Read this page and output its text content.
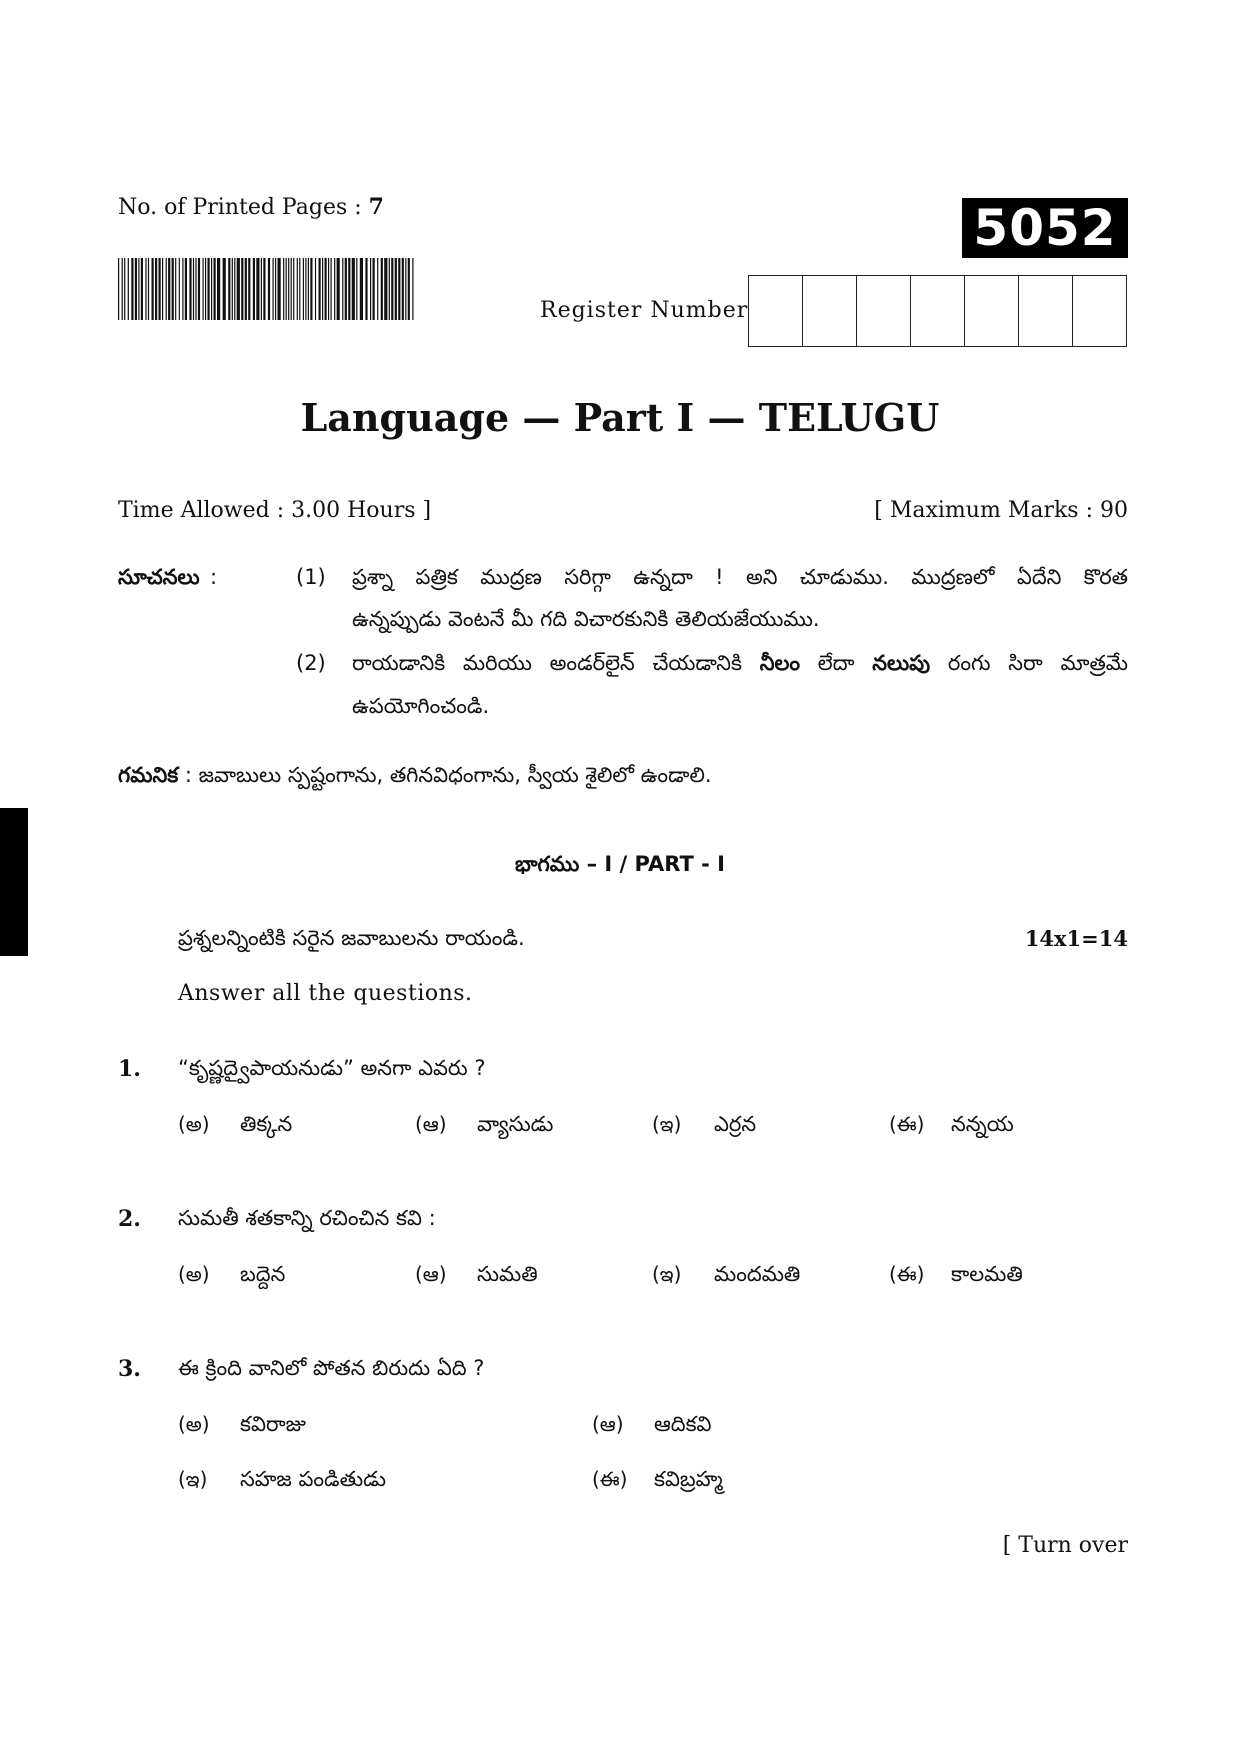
No. of Printed Pages : 7	5052
Register Number
Language — Part I — TELUGU
Time Allowed : 3.00 Hours ]	[ Maximum Marks : 90
సూచనలు :	(1) ప్రశ్నా పత్రిక ముద్రణ సరిగ్గా ఉన్నదా ! అని చూడుము. ముద్రణలో ఏదేని కొరత
ఉన్నప్పుడు వెంటనే మీ గది విచారకునికి తెలియజేయుము.
(2) రాయడానికి మరియు అండర్‌లైన్ చేయడానికి నీలం లేదా నలుపు రంగు సిరా మాత్రమే
ఉపయోగించండి.
గమనిక : జవాబులు స్పష్టంగాను, తగినవిధంగాను, స్వీయ శైలిలో ఉండాలి.
భాగము – I / PART - I
ప్రశ్నలన్నింటికి సరైన జవాబులను రాయండి.	14x1=14
Answer all the questions.
1. “కృష్ణద్వైపాయనుడు” అనగా ఎవరు ?
(అ)	తిక్కన	(ఆ)	వ్యాసుడు	(ఇ)	ఎర్రన	(ఈ)	నన్నయ
2. సుమతీ శతకాన్ని రచించిన కవి :
(అ)	బద్దెన	(ఆ)	సుమతి	(ఇ)	మందమతి	(ఈ)	కాలమతి
3. ఈ క్రింది వానిలో పోతన బిరుదు ఏది ?
(అ)	కవిరాజు	(ఆ)	ఆదికవి
(ఇ)	సహజ పండితుడు	(ఈ)	కవిబ్రహ్మ
[ Turn over
